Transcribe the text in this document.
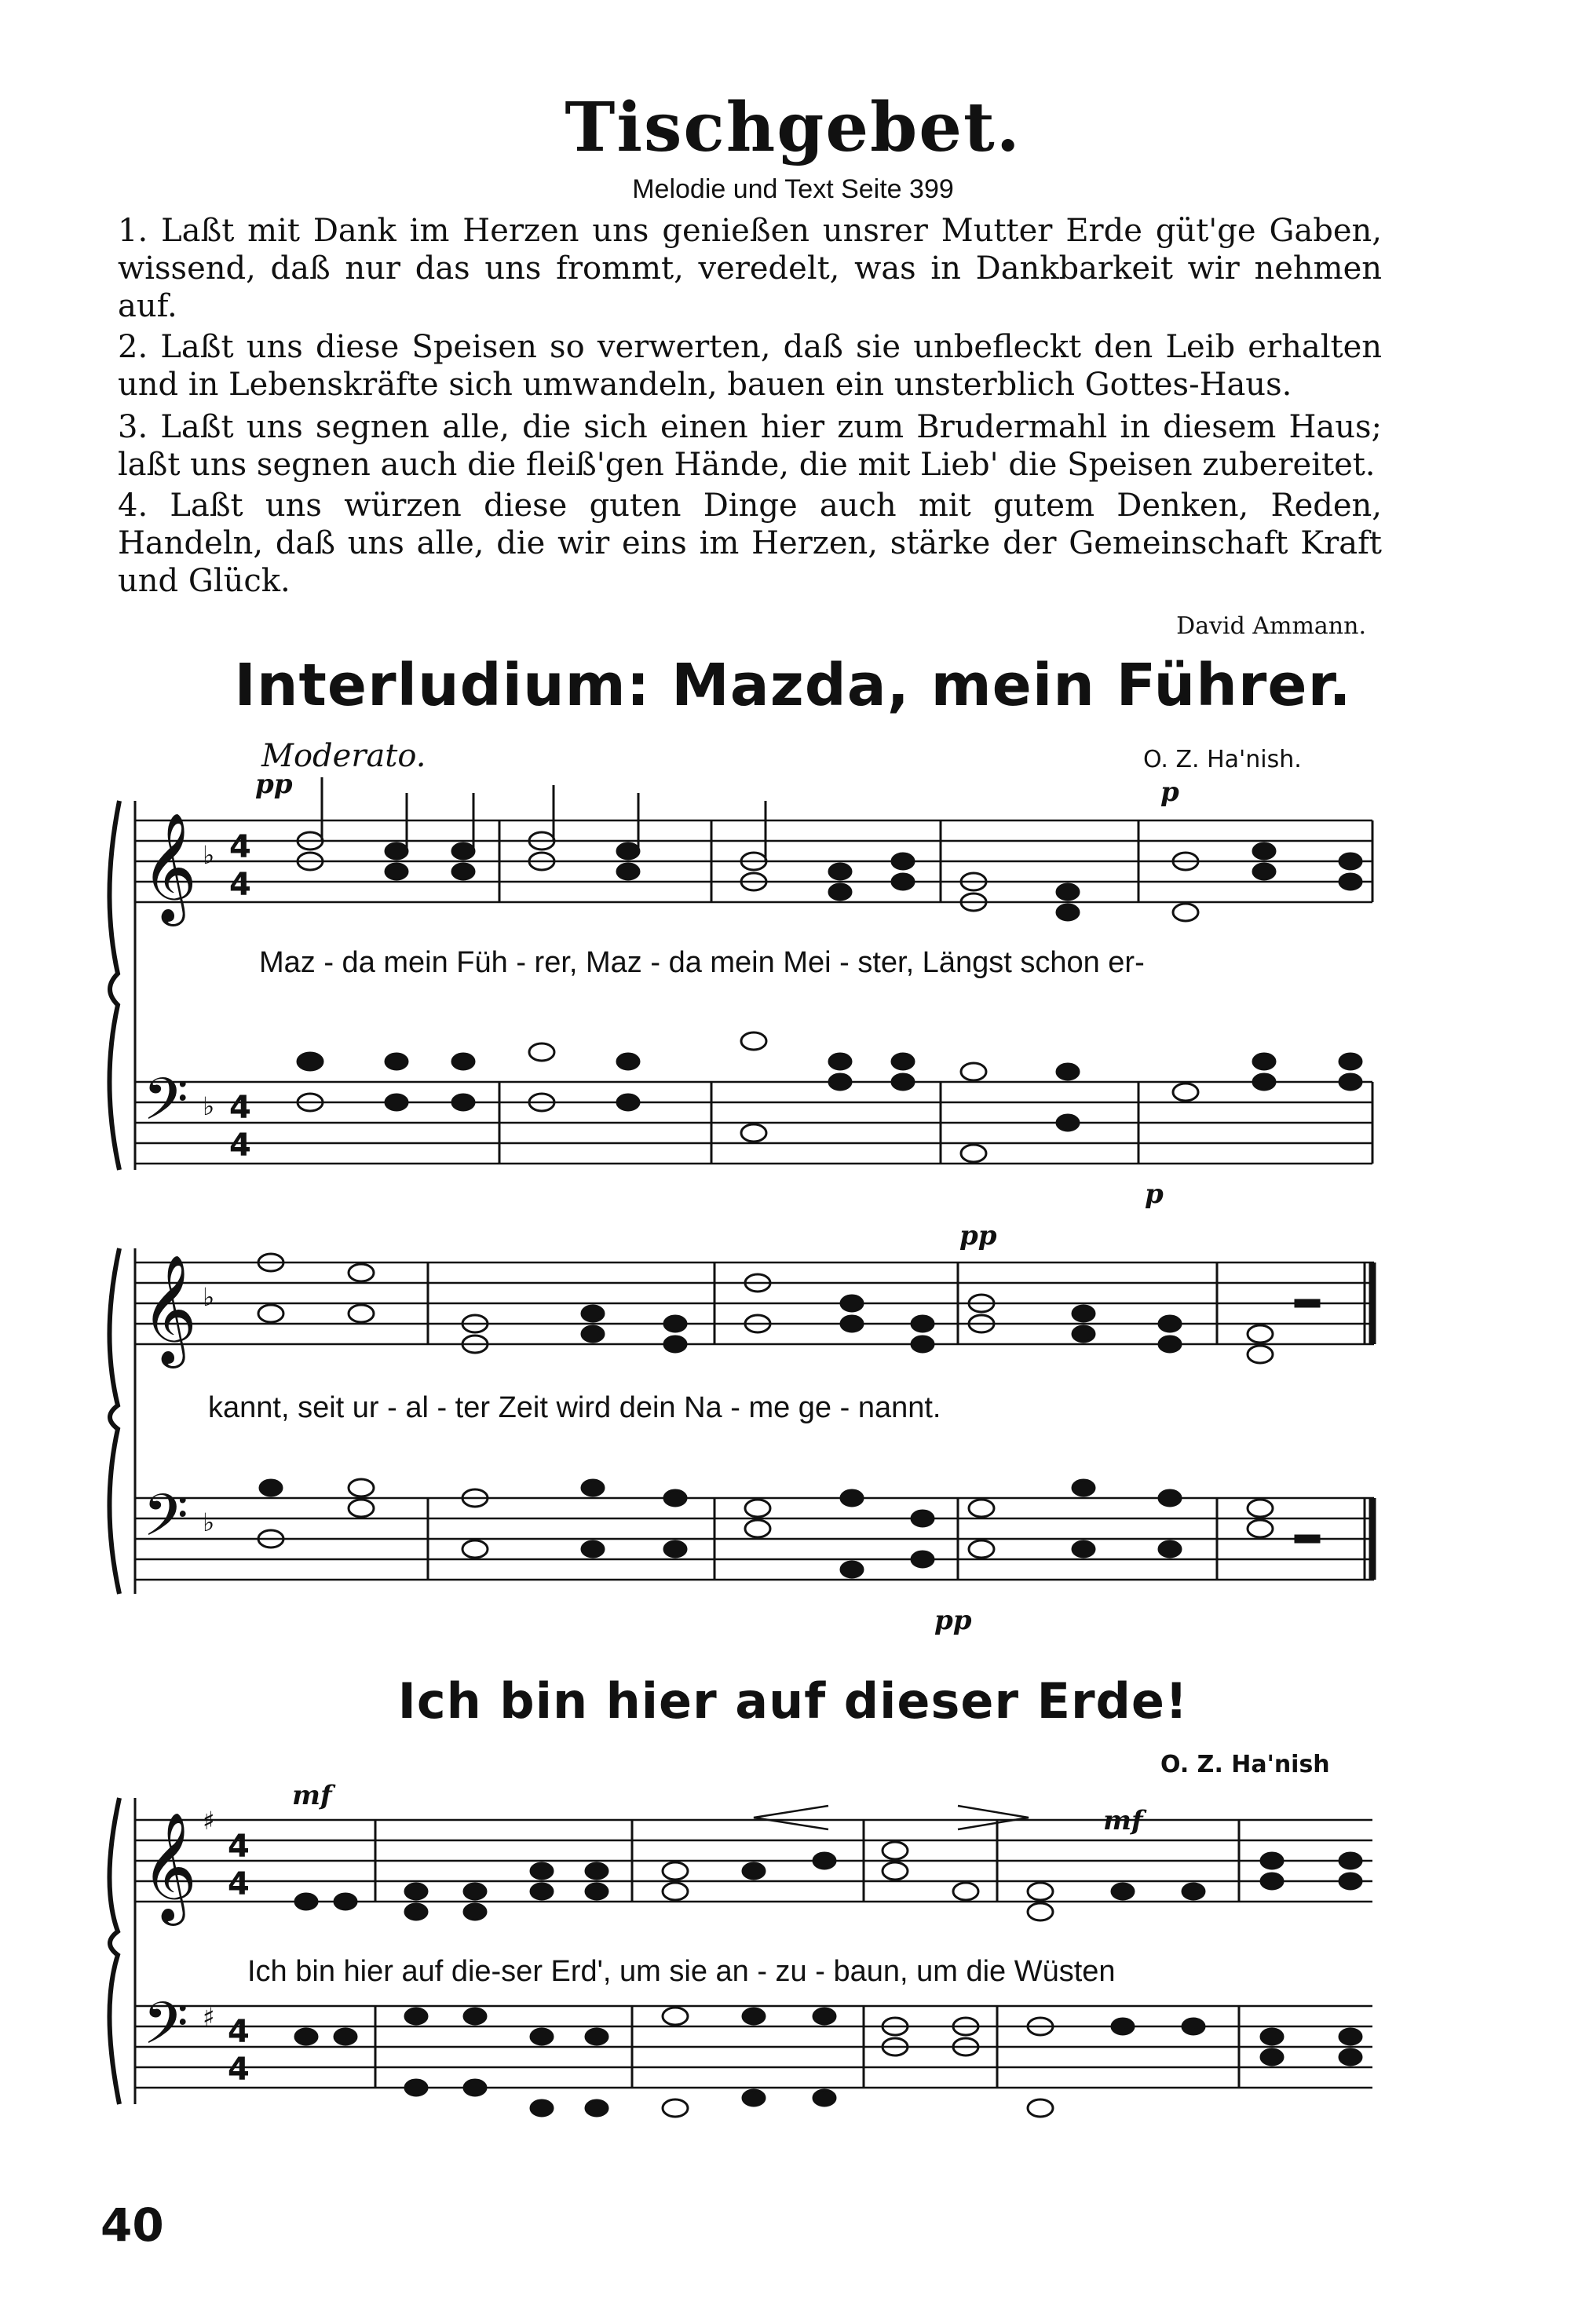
Tischgebet.
Melodie und Text Seite 399
1. Laßt mit Dank im Herzen uns genießen unsrer Mutter Erde güt'ge Gaben, wissend, daß nur das uns frommt, veredelt, was in Dankbarkeit wir nehmen auf.
2. Laßt uns diese Speisen so verwerten, daß sie unbefleckt den Leib erhalten und in Lebenskräfte sich umwandeln, bauen ein unsterblich Gottes-Haus.
3. Laßt uns segnen alle, die sich einen hier zum Brudermahl in diesem Haus; laßt uns segnen auch die fleiß'gen Hände, die mit Lieb' die Speisen zubereitet.
4. Laßt uns würzen diese guten Dinge auch mit gutem Denken, Reden, Handeln, daß uns alle, die wir eins im Herzen, stärke der Gemeinschaft Kraft und Glück.
David Ammann.
Interludium: Mazda, mein Führer.
Moderato.	O. Z. Ha'nish.
𝄞
𝄢
♭
♭
4
4
4
4
pp	p
p
𝄞
𝄢
♭
♭
pp
pp
𝄞
𝄢
♯
♯
4
4
4
4
mf
mf
Maz - da mein Füh - rer, Maz - da mein Mei - ster, Längst schon er-
kannt, seit ur - al - ter Zeit wird dein Na - me ge - nannt.
Ich bin hier auf dieser Erde!
O. Z. Ha'nish
Ich bin hier auf die-ser Erd', um sie an - zu - baun, um die Wüsten
40
